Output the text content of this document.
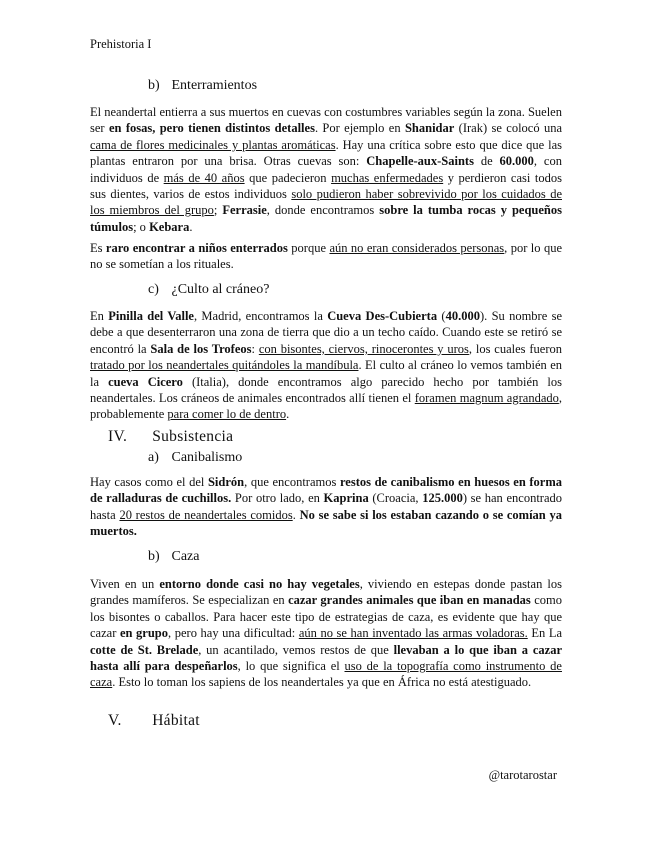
Prehistoria I
b) Enterramientos

El neandertal entierra a sus muertos en cuevas con costumbres variables según la zona. Suelen ser en fosas, pero tienen distintos detalles. Por ejemplo en Shanidar (Irak) se colocó una cama de flores medicinales y plantas aromáticas. Hay una crítica sobre esto que dice que las plantas entraron por una brisa. Otras cuevas son: Chapelle-aux-Saints de 60.000, con individuos de más de 40 años que padecieron muchas enfermedades y perdieron casi todos sus dientes, varios de estos individuos solo pudieron haber sobrevivido por los cuidados de los miembros del grupo; Ferrasie, donde encontramos sobre la tumba rocas y pequeños túmulos; o Kebara.

Es raro encontrar a niños enterrados porque aún no eran considerados personas, por lo que no se sometían a los rituales.

c) ¿Culto al cráneo?

En Pinilla del Valle, Madrid, encontramos la Cueva Des-Cubierta (40.000). Su nombre se debe a que desenterraron una zona de tierra que dio a un techo caído. Cuando este se retiró se encontró la Sala de los Trofeos: con bisontes, ciervos, rinocerontes y uros, los cuales fueron tratado por los neandertales quitándoles la mandíbula. El culto al cráneo lo vemos también en la cueva Cicero (Italia), donde encontramos algo parecido hecho por también los neandertales. Los cráneos de animales encontrados allí tienen el foramen magnum agrandado, probablemente para comer lo de dentro.

IV. Subsistencia
a) Canibalismo

Hay casos como el del Sidrón, que encontramos restos de canibalismo en huesos en forma de ralladuras de cuchillos. Por otro lado, en Kaprina (Croacia, 125.000) se han encontrado hasta 20 restos de neandertales comidos. No se sabe si los estaban cazando o se comían ya muertos.

b) Caza

Viven en un entorno donde casi no hay vegetales, viviendo en estepas donde pastan los grandes mamíferos. Se especializan en cazar grandes animales que iban en manadas como los bisontes o caballos. Para hacer este tipo de estrategias de caza, es evidente que hay que cazar en grupo, pero hay una dificultad: aún no se han inventado las armas voladoras. En La cotte de St. Brelade, un acantilado, vemos restos de que llevaban a lo que iban a cazar hasta allí para despeñarlos, lo que significa el uso de la topografía como instrumento de caza. Esto lo toman los sapiens de los neandertales ya que en África no está atestiguado.

V. Hábitat
@tarotarostar
